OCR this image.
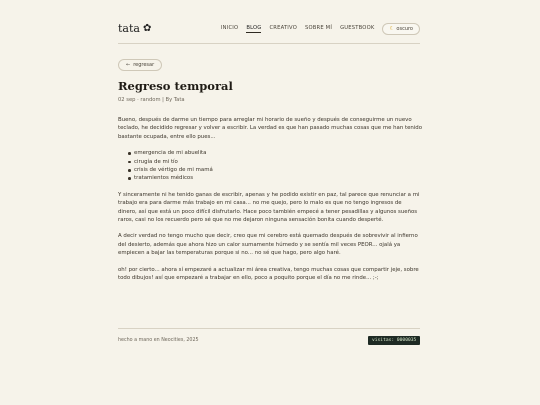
tata ✿	INICIO BLOG CREATIVO SOBRE MÍ GUESTBOOK	☾ oscuro
← regresar
Regreso temporal
02 sep · random | By Tata

Bueno, después de darme un tiempo para arreglar mi horario de sueño y después de conseguirme un nuevo teclado, he decidido regresar y volver a escribir. La verdad es que han pasado muchas cosas que me han tenido bastante ocupada, entre ello pues...

emergencia de mi abuelita
cirugía de mi tío
crisis de vértigo de mi mamá
tratamientos médicos

Y sinceramente ni he tenido ganas de escribir, apenas y he podido existir en paz, tal parece que renunciar a mi trabajo era para darme más trabajo en mi casa... no me quejo, pero lo malo es que no tengo ingresos de dinero, así que está un poco difícil disfrutarlo. Hace poco también empecé a tener pesadillas y algunos sueños raros, casi no los recuerdo pero sé que no me dejaron ninguna sensación bonita cuando desperté.

A decir verdad no tengo mucho que decir, creo que mi cerebro está quemado después de sobrevivir al infierno del desierto, además que ahora hizo un calor sumamente húmedo y se sentía mil veces PEOR... ojalá ya empiecen a bajar las temperaturas porque si no... no sé que hago, pero algo haré.

oh! por cierto... ahora sí empezaré a actualizar mi área creativa, tengo muchas cosas que compartir jeje, sobre todo dibujos! así que empezaré a trabajar en ello, poco a poquito porque el día no me rinde... ;-;

hecho a mano en Neocities, 2025	visitas: 0000035
